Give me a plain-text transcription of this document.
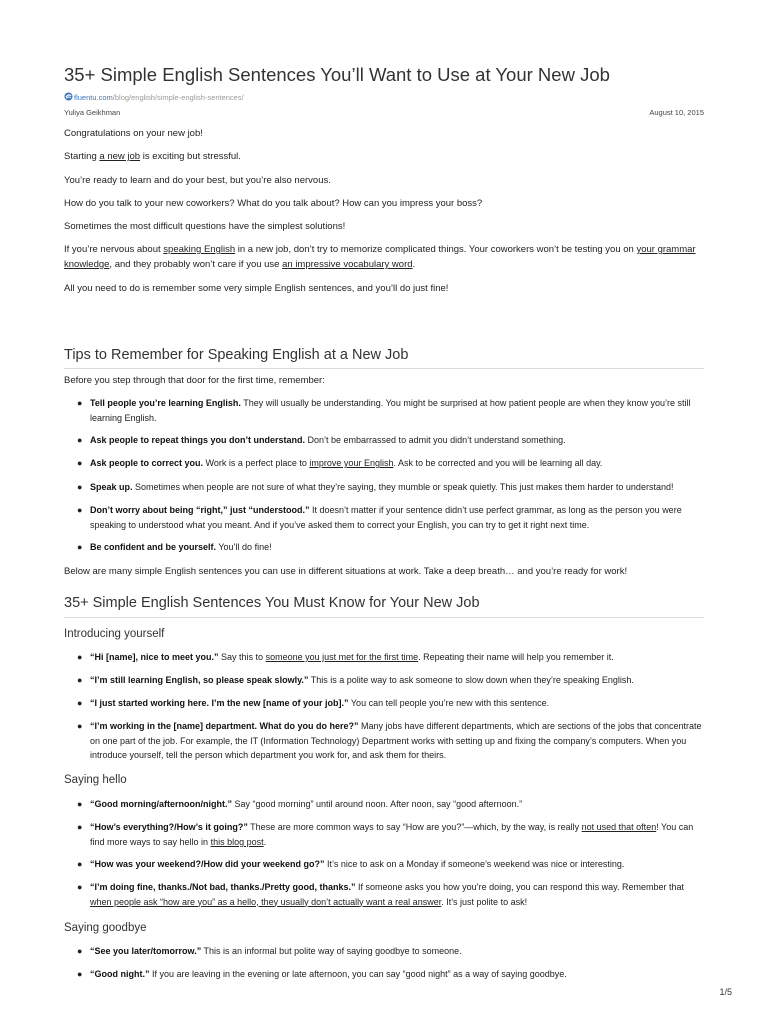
35+ Simple English Sentences You’ll Want to Use at Your New Job
fluentu.com/blog/english/simple-english-sentences/
Yuliya Geikhman	August 10, 2015

Congratulations on your new job!

Starting a new job is exciting but stressful.

You’re ready to learn and do your best, but you’re also nervous.

How do you talk to your new coworkers? What do you talk about? How can you impress your boss?

Sometimes the most difficult questions have the simplest solutions!

If you’re nervous about speaking English in a new job, don’t try to memorize complicated things. Your coworkers won’t be testing you on your grammar knowledge, and they probably won’t care if you use an impressive vocabulary word.

All you need to do is remember some very simple English sentences, and you’ll do just fine!

Tips to Remember for Speaking English at a New Job

Before you step through that door for the first time, remember:

● Tell people you’re learning English. They will usually be understanding. You might be surprised at how patient people are when they know you’re still learning English.
● Ask people to repeat things you don’t understand. Don’t be embarrassed to admit you didn’t understand something.
● Ask people to correct you. Work is a perfect place to improve your English. Ask to be corrected and you will be learning all day.
● Speak up. Sometimes when people are not sure of what they’re saying, they mumble or speak quietly. This just makes them harder to understand!
● Don’t worry about being “right,” just “understood.” It doesn’t matter if your sentence didn’t use perfect grammar, as long as the person you were speaking to understood what you meant. And if you’ve asked them to correct your English, you can try to get it right next time.
● Be confident and be yourself. You’ll do fine!

Below are many simple English sentences you can use in different situations at work. Take a deep breath… and you’re ready for work!

35+ Simple English Sentences You Must Know for Your New Job
Introducing yourself
● “Hi [name], nice to meet you.” Say this to someone you just met for the first time. Repeating their name will help you remember it.
● “I’m still learning English, so please speak slowly.” This is a polite way to ask someone to slow down when they’re speaking English.
● “I just started working here. I’m the new [name of your job].” You can tell people you’re new with this sentence.
● “I’m working in the [name] department. What do you do here?” Many jobs have different departments, which are sections of the jobs that concentrate on one part of the job. For example, the IT (Information Technology) Department works with setting up and fixing the company’s computers. When you introduce yourself, tell the person which department you work for, and ask them for theirs.
Saying hello
● “Good morning/afternoon/night.” Say “good morning” until around noon. After noon, say “good afternoon.”
● “How’s everything?/How’s it going?” These are more common ways to say “How are you?”—which, by the way, is really not used that often! You can find more ways to say hello in this blog post.
● “How was your weekend?/How did your weekend go?” It’s nice to ask on a Monday if someone’s weekend was nice or interesting.
● “I’m doing fine, thanks./Not bad, thanks./Pretty good, thanks.” If someone asks you how you’re doing, you can respond this way. Remember that when people ask “how are you” as a hello, they usually don’t actually want a real answer. It’s just polite to ask!
Saying goodbye
● “See you later/tomorrow.” This is an informal but polite way of saying goodbye to someone.
● “Good night.” If you are leaving in the evening or late afternoon, you can say “good night” as a way of saying goodbye.
1/5
